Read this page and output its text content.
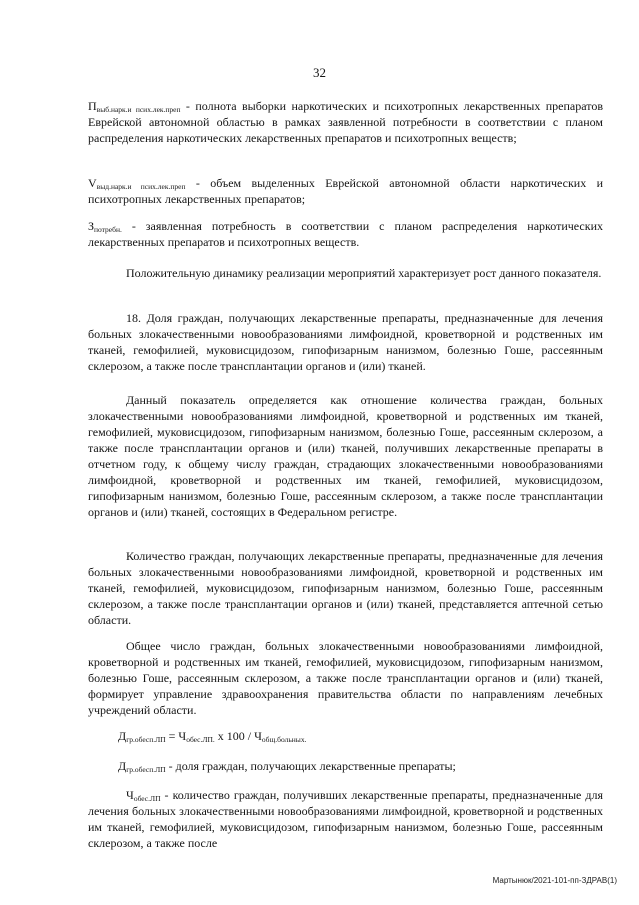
32

$П_{выб.нарк.и псих.лек.преп}$ - полнота выборки наркотических и психотропных лекарственных препаратов Еврейской автономной областью в рамках заявленной потребности в соответствии с планом распределения наркотических лекарственных препаратов и психотропных веществ;

$V_{выд.нарк.и псих.лек.преп}$ - объем выделенных Еврейской автономной области наркотических и психотропных лекарственных препаратов;

$З_{потребн.}$ - заявленная потребность в соответствии с планом распределения наркотических лекарственных препаратов и психотропных веществ.

Положительную динамику реализации мероприятий характеризует рост данного показателя.

18. Доля граждан, получающих лекарственные препараты, предназначенные для лечения больных злокачественными новообразованиями лимфоидной, кроветворной и родственных им тканей, гемофилией, муковисцидозом, гипофизарным нанизмом, болезнью Гоше, рассеянным склерозом, а также после трансплантации органов и (или) тканей.

Данный показатель определяется как отношение количества граждан, больных злокачественными новообразованиями лимфоидной, кроветворной и родственных им тканей, гемофилией, муковисцидозом, гипофизарным нанизмом, болезнью Гоше, рассеянным склерозом, а также после трансплантации органов и (или) тканей, получивших лекарственные препараты в отчетном году, к общему числу граждан, страдающих злокачественными новообразованиями лимфоидной, кроветворной и родственных им тканей, гемофилией, муковисцидозом, гипофизарным нанизмом, болезнью Гоше, рассеянным склерозом, а также после трансплантации органов и (или) тканей, состоящих в Федеральном регистре.

Количество граждан, получающих лекарственные препараты, предназначенные для лечения больных злокачественными новообразованиями лимфоидной, кроветворной и родственных им тканей, гемофилией, муковисцидозом, гипофизарным нанизмом, болезнью Гоше, рассеянным склерозом, а также после трансплантации органов и (или) тканей, представляется аптечной сетью области.

Общее число граждан, больных злокачественными новообразованиями лимфоидной, кроветворной и родственных им тканей, гемофилией, муковисцидозом, гипофизарным нанизмом, болезнью Гоше, рассеянным склерозом, а также после трансплантации органов и (или) тканей, формирует управление здравоохранения правительства области по направлениям лечебных учреждений области.

$Д_{гр.обесп.ЛП} = Ч_{обес.ЛП.}$ х $100 / Ч_{общ.больных.}$

$Д_{гр.обесп.ЛП}$ - доля граждан, получающих лекарственные препараты;

$Ч_{обес.ЛП}$ - количество граждан, получивших лекарственные препараты, предназначенные для лечения больных злокачественными новообразованиями лимфоидной, кроветворной и родственных им тканей, гемофилией, муковисцидозом, гипофизарным нанизмом, болезнью Гоше, рассеянным склерозом, а также после

Мартынюк/2021-101-пп-ЗДРАВ(1)
